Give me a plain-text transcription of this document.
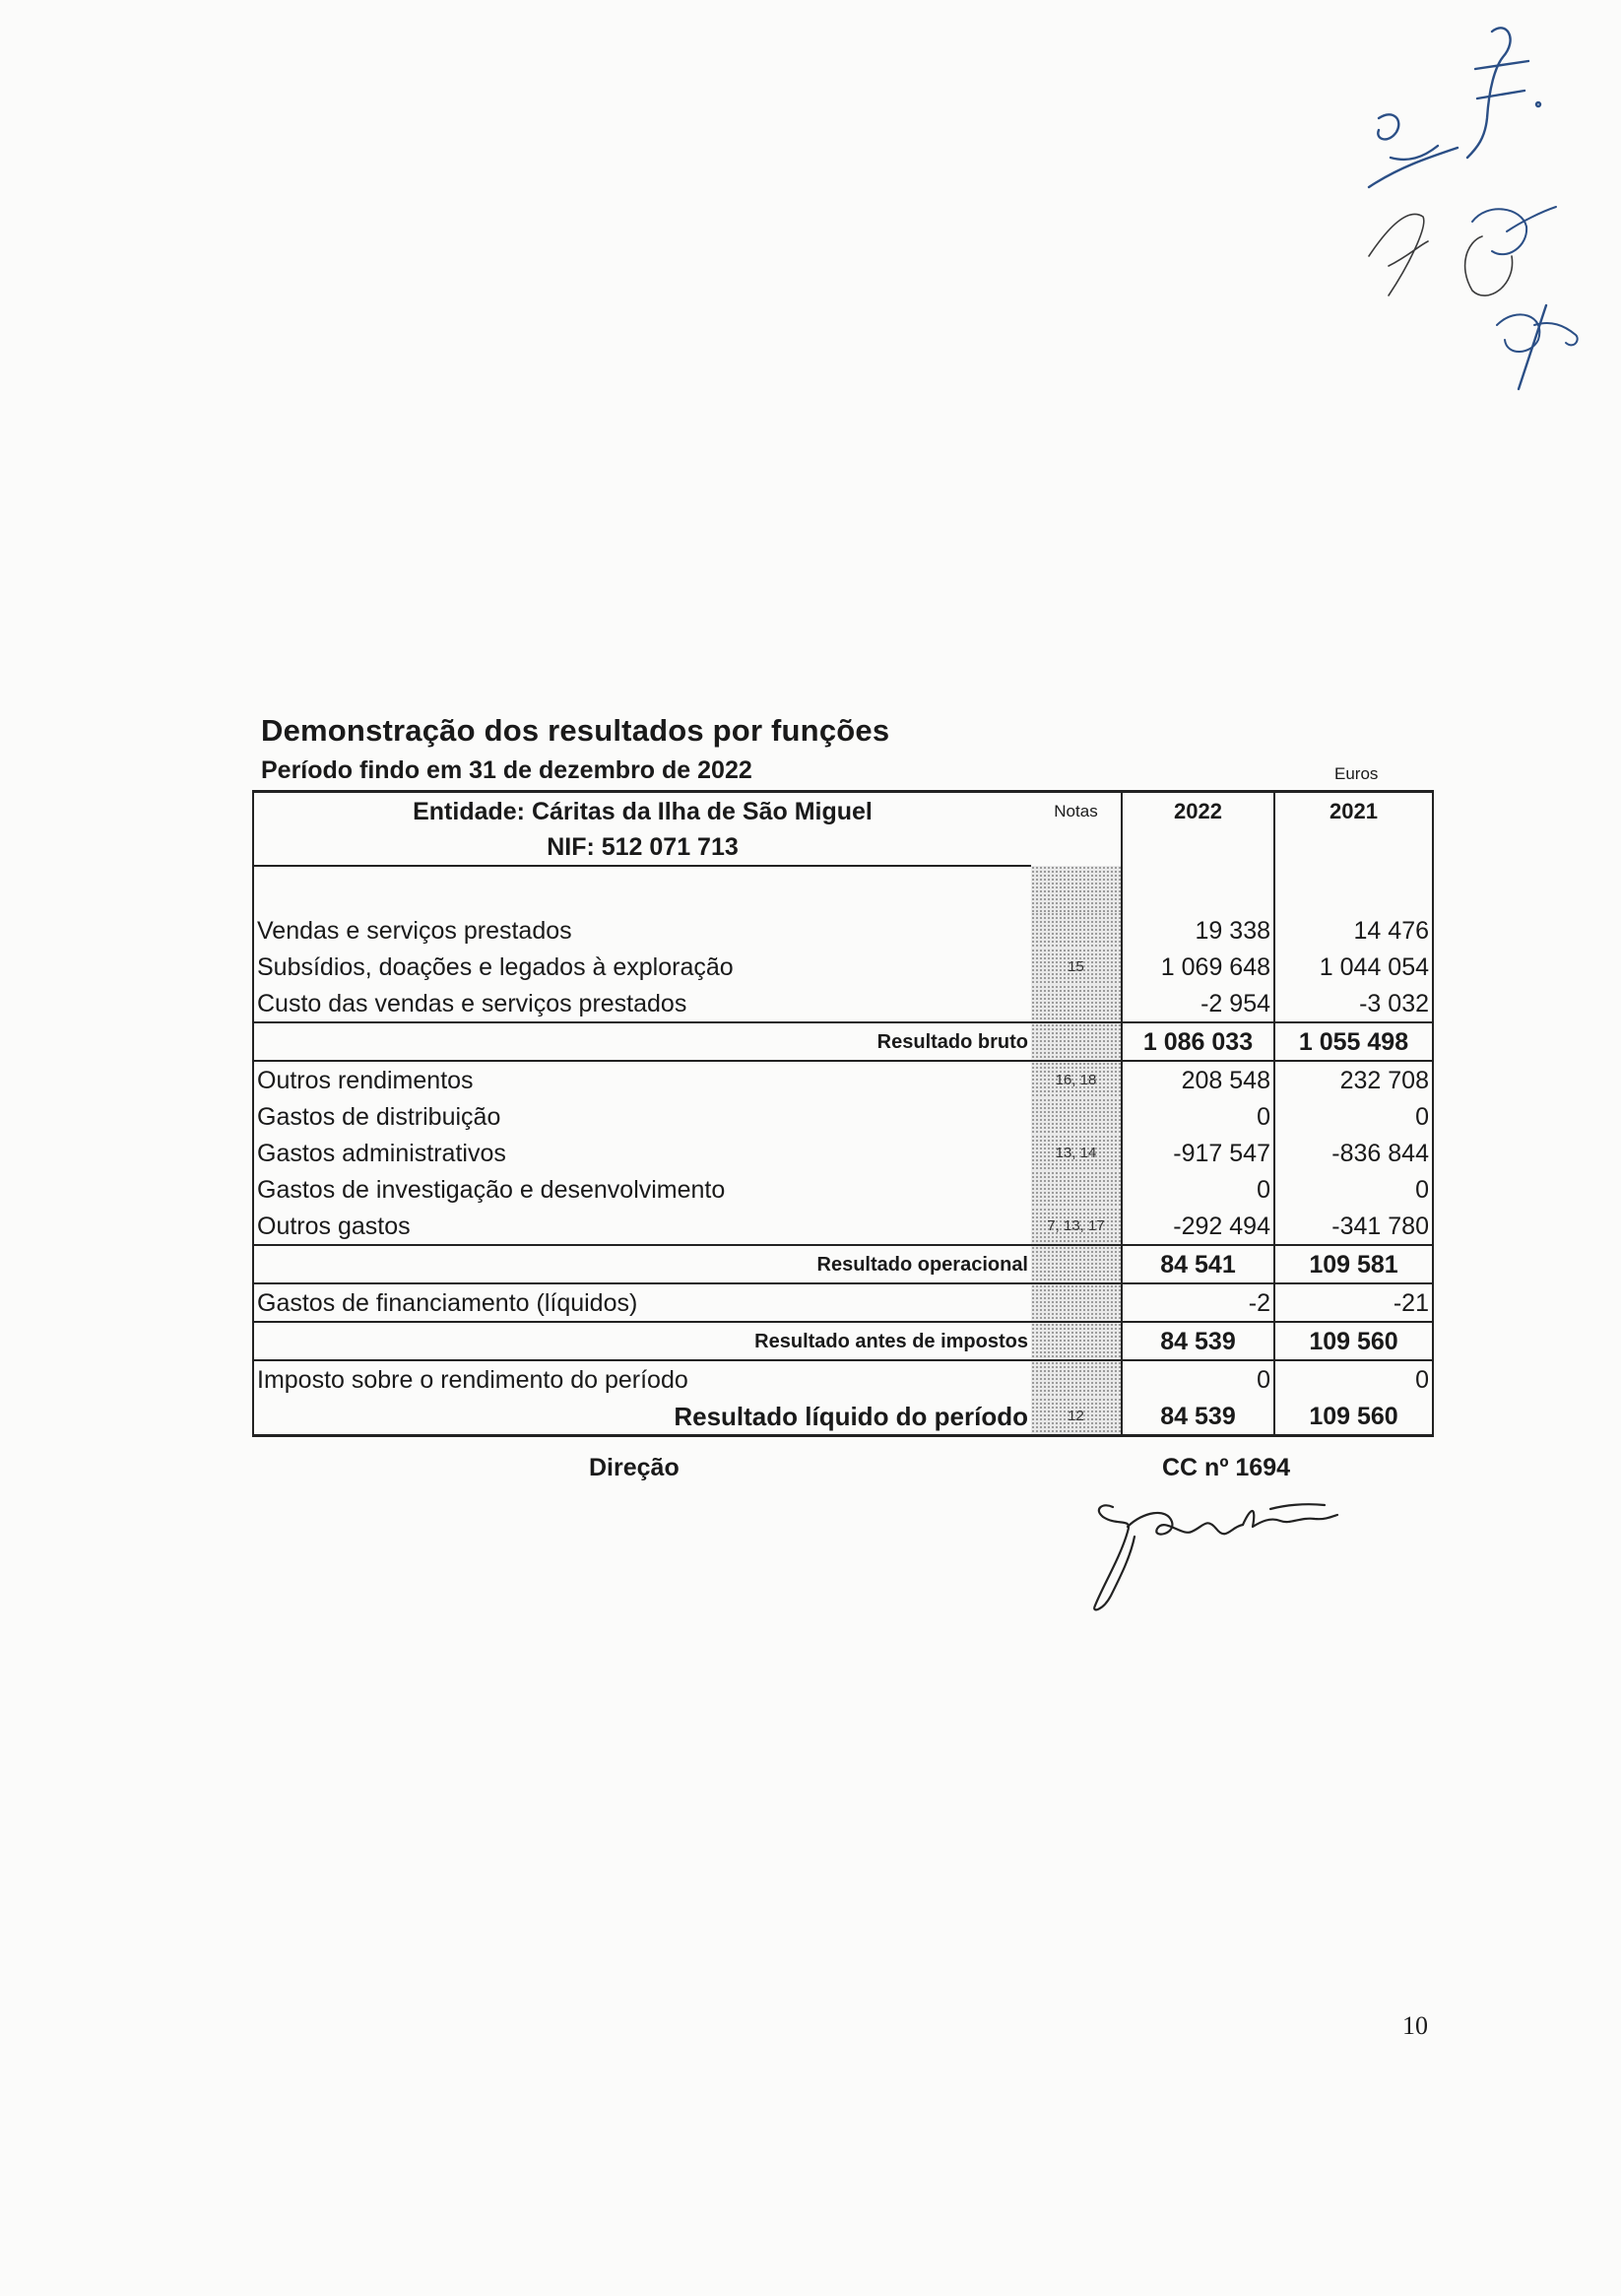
Demonstração dos resultados por funções
Período findo em 31 de dezembro de 2022	Euros
Entidade: Cáritas da Ilha de São Miguel
NIF: 512 071 713	Notas	2022	2021

Vendas e serviços prestados		19 338	14 476
Subsídios, doações e legados à exploração	15	1 069 648	1 044 054
Custo das vendas e serviços prestados		-2 954	-3 032
Resultado bruto		1 086 033	1 055 498
Outros rendimentos	16, 18	208 548	232 708
Gastos de distribuição		0	0
Gastos administrativos	13, 14	-917 547	-836 844
Gastos de investigação e desenvolvimento		0	0
Outros gastos	7, 13, 17	-292 494	-341 780
Resultado operacional		84 541	109 581
Gastos de financiamento (líquidos)		-2	-21
Resultado antes de impostos		84 539	109 560
Imposto sobre o rendimento do período		0	0
Resultado líquido do período	12	84 539	109 560
Direção	CC nº 1694
10
